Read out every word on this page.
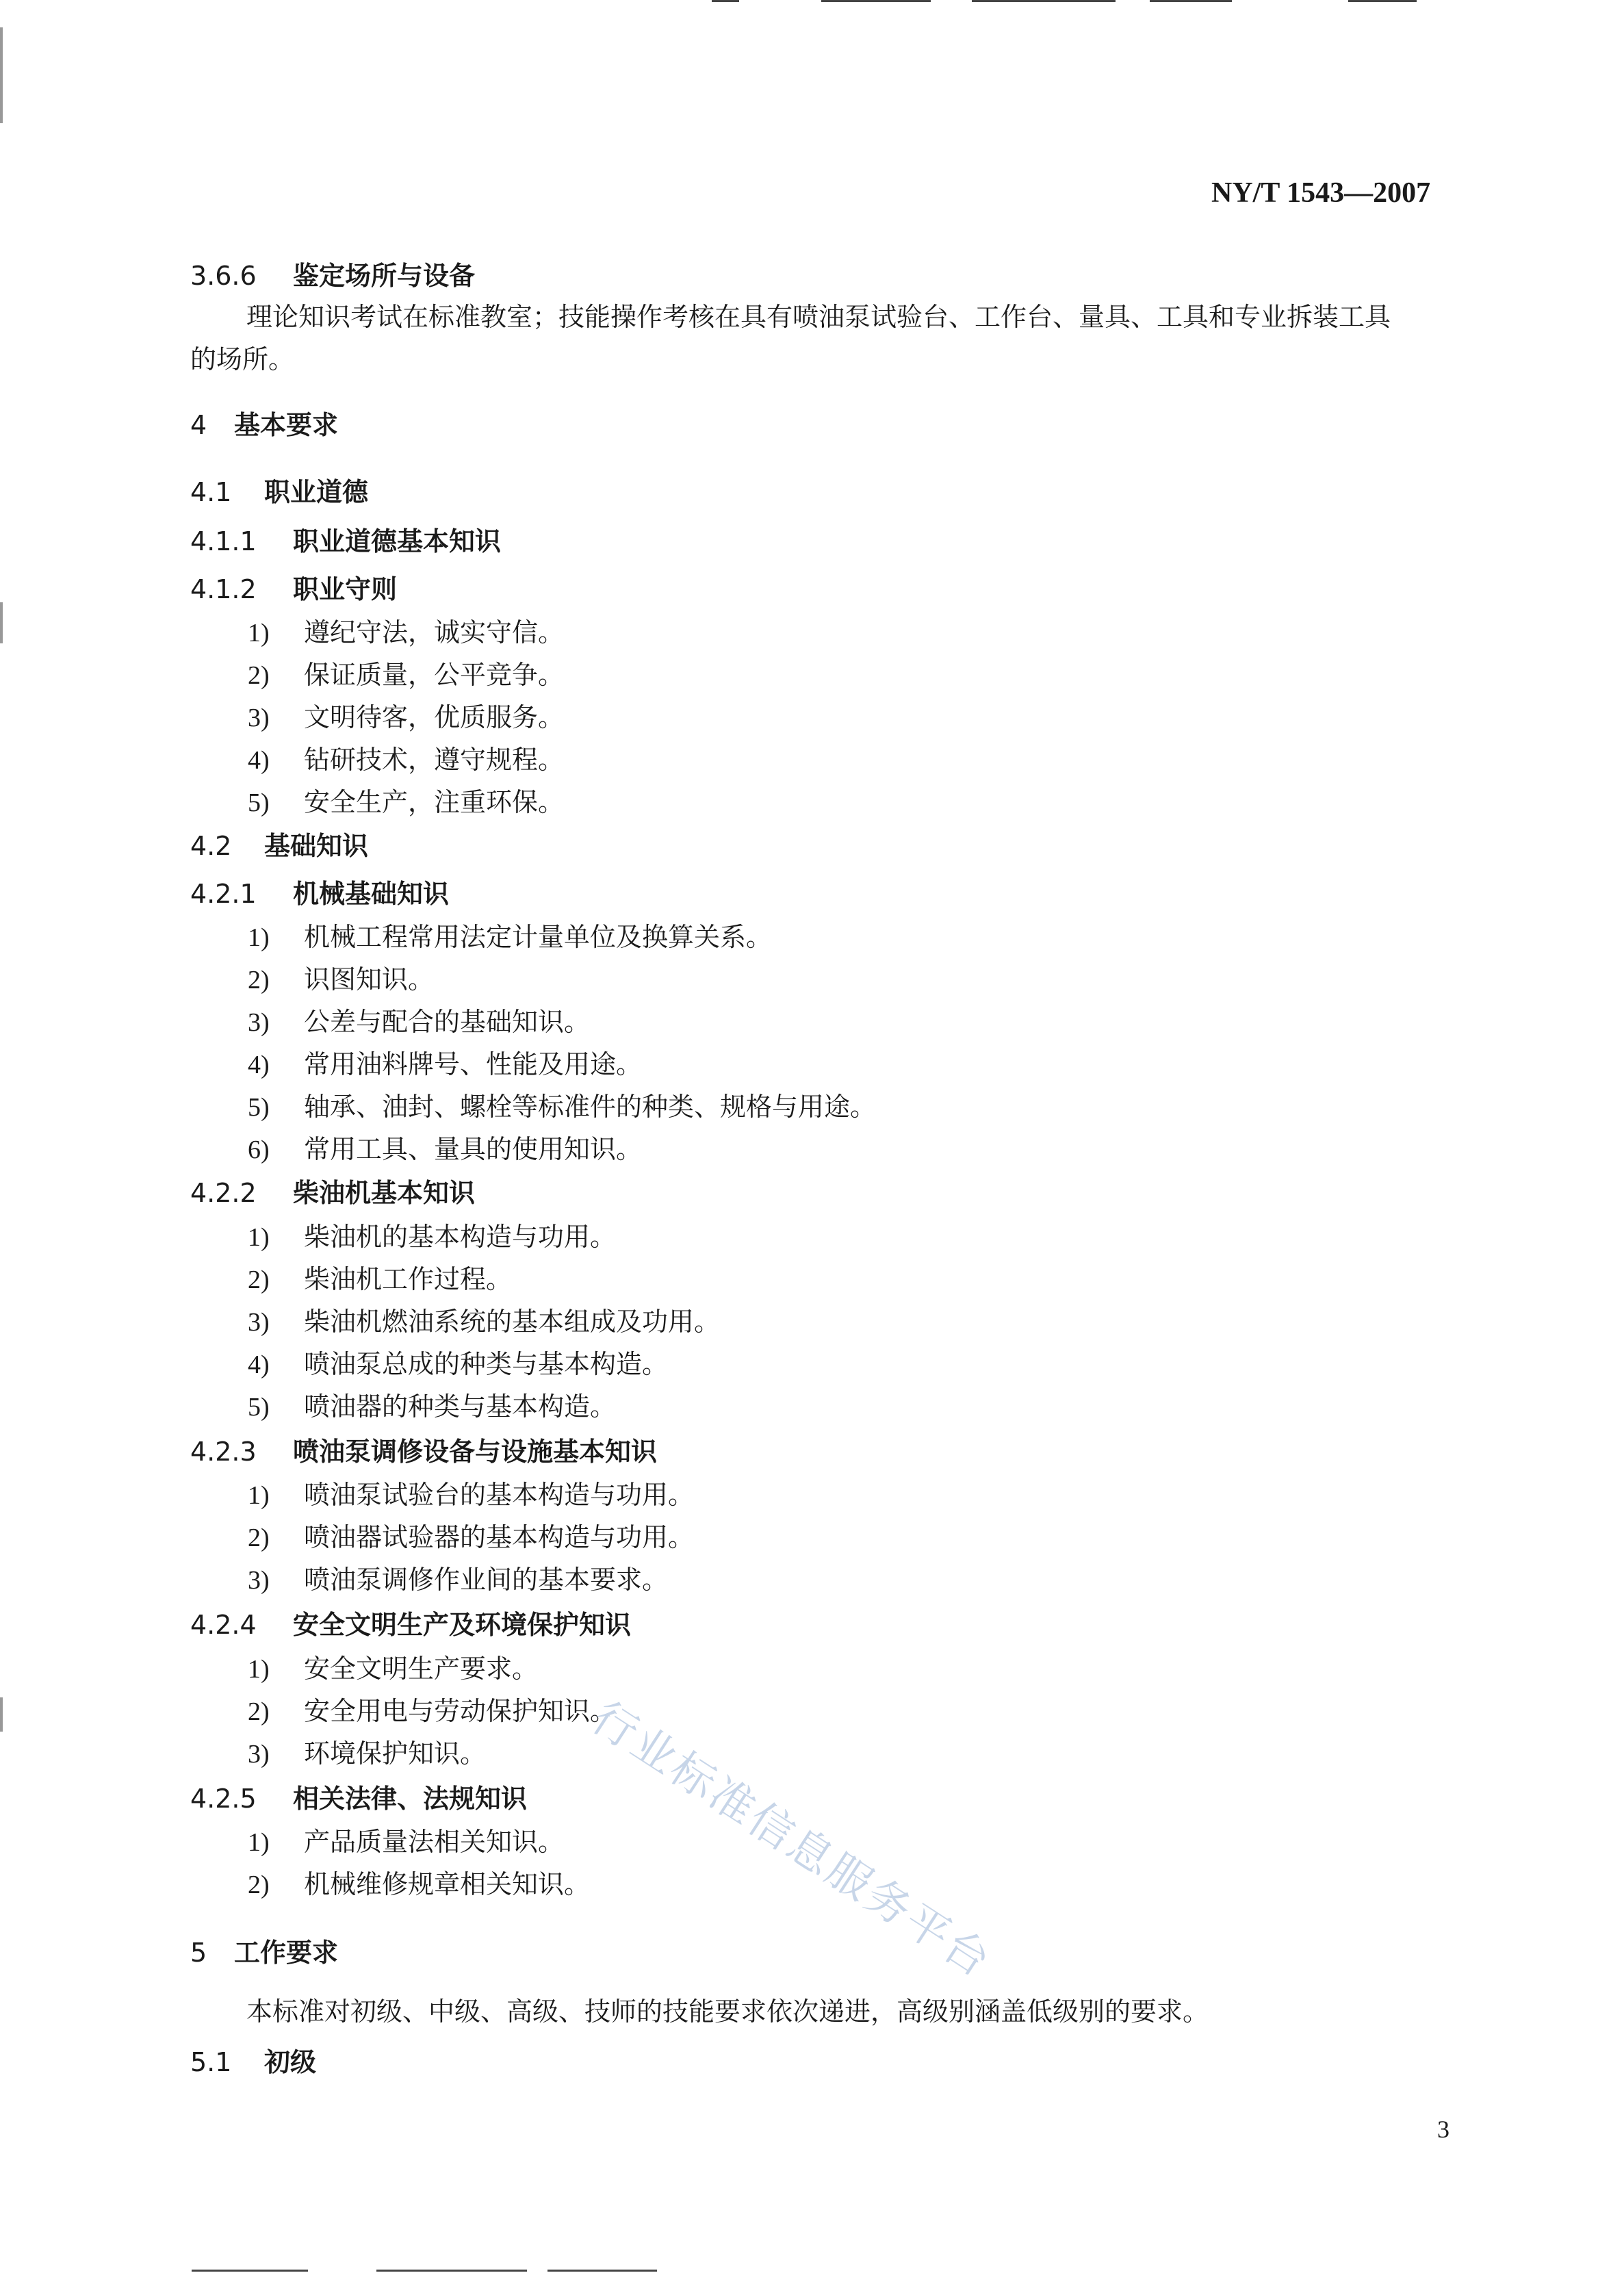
NY/T 1543—2007
3.6.6 鉴定场所与设备
理论知识考试在标准教室；技能操作考核在具有喷油泵试验台、工作台、量具、工具和专业拆装工具
的场所。
4 基本要求
4.1 职业道德
4.1.1 职业道德基本知识
4.1.2 职业守则
1) 遵纪守法，诚实守信。
2) 保证质量，公平竞争。
3) 文明待客，优质服务。
4) 钻研技术，遵守规程。
5) 安全生产，注重环保。
4.2 基础知识
4.2.1 机械基础知识
1) 机械工程常用法定计量单位及换算关系。
2) 识图知识。
3) 公差与配合的基础知识。
4) 常用油料牌号、性能及用途。
5) 轴承、油封、螺栓等标准件的种类、规格与用途。
6) 常用工具、量具的使用知识。
4.2.2 柴油机基本知识
1) 柴油机的基本构造与功用。
2) 柴油机工作过程。
3) 柴油机燃油系统的基本组成及功用。
4) 喷油泵总成的种类与基本构造。
5) 喷油器的种类与基本构造。
4.2.3 喷油泵调修设备与设施基本知识
1) 喷油泵试验台的基本构造与功用。
2) 喷油器试验器的基本构造与功用。
3) 喷油泵调修作业间的基本要求。
4.2.4 安全文明生产及环境保护知识
1) 安全文明生产要求。
2) 安全用电与劳动保护知识。
3) 环境保护知识。
4.2.5 相关法律、法规知识
1) 产品质量法相关知识。
2) 机械维修规章相关知识。
5 工作要求
本标准对初级、中级、高级、技师的技能要求依次递进，高级别涵盖低级别的要求。
5.1 初级
行业标准信息服务平台
3
